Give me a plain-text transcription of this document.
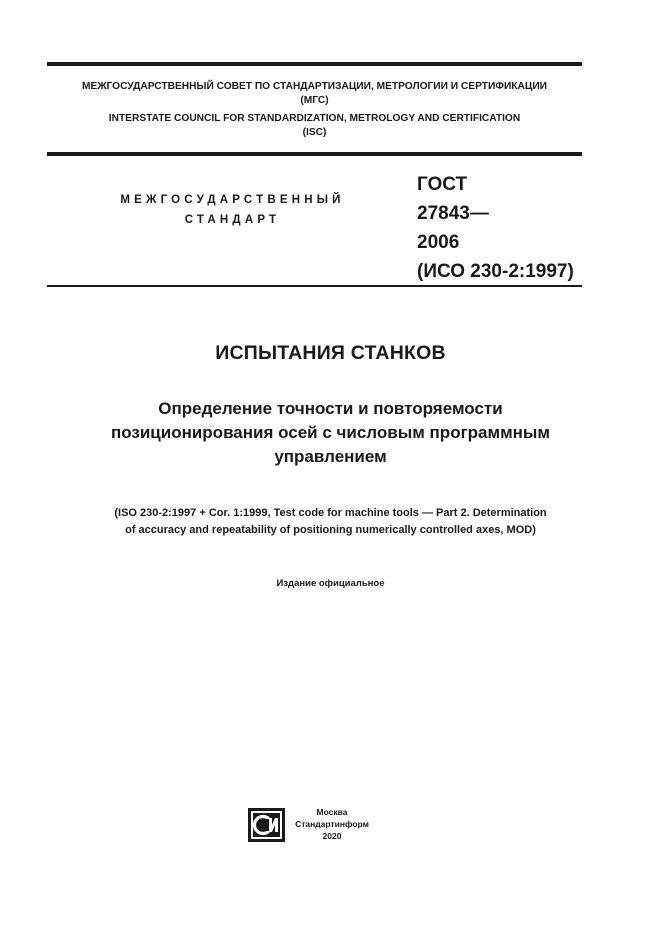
МЕЖГОСУДАРСТВЕННЫЙ СОВЕТ ПО СТАНДАРТИЗАЦИИ, МЕТРОЛОГИИ И СЕРТИФИКАЦИИ
(МГС)
INTERSTATE COUNCIL FOR STANDARDIZATION, METROLOGY AND CERTIFICATION
(ISC)
МЕЖГОСУДАРСТВЕННЫЙ
СТАНДАРТ
ГОСТ
27843—
2006
(ИСО 230-2:1997)
ИСПЫТАНИЯ СТАНКОВ
Определение точности и повторяемости
позиционирования осей с числовым программным
управлением
(ISO 230-2:1997 + Cor. 1:1999, Test code for machine tools — Part 2. Determination
of accuracy and repeatability of positioning numerically controlled axes, MOD)
Издание официальное
Москва
Стандартинформ
2020
